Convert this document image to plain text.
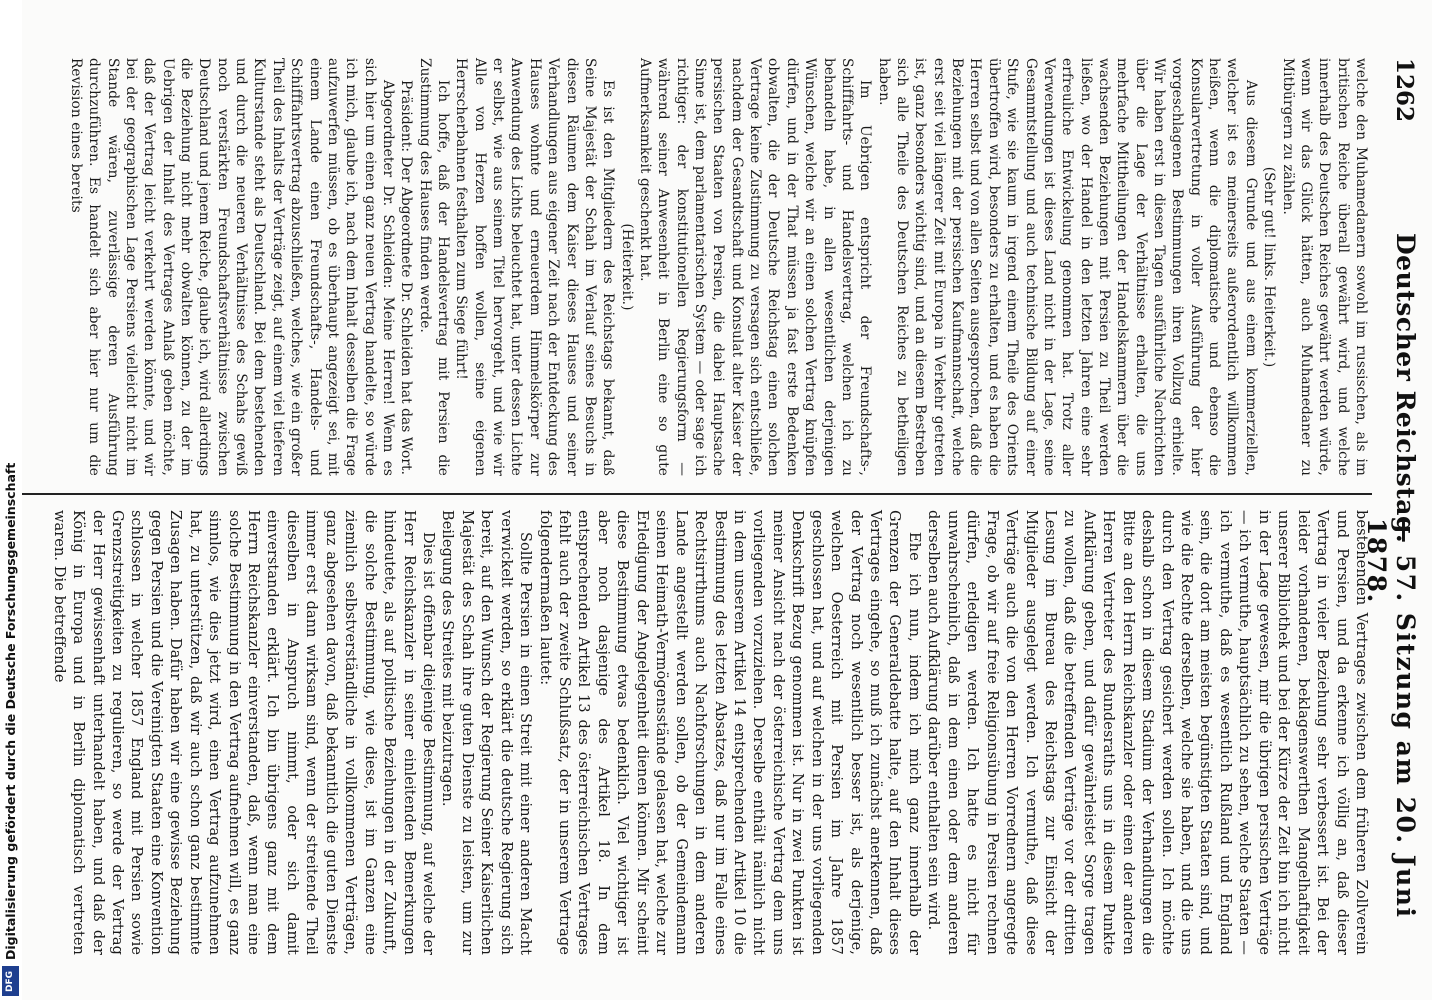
1262
Deutscher Reichstag.
— 57. Sitzung am 20. Juni 1878.

welche den Muhamedanern sowohl im russischen, als im britischen Reiche überall gewährt wird, und welche innerhalb des Deutschen Reiches gewährt werden würde, wenn wir das Glück hätten, auch Muhamedaner zu Mitbürgern zu zählen.

(Sehr gut! links. Heiterkeit.)

Aus diesem Grunde und aus einem kommerziellen, welcher ist es meinerseits außerordentlich willkommen heißen, wenn die diplomatische und ebenso die Konsularvertretung in voller Ausführung der hier vorgeschlagenen Bestimmungen ihren Vollzug erhielte. Wir haben erst in diesen Tagen ausführliche Nachrichten über die Lage der Verhältnisse erhalten, die uns mehrfache Mittheilungen der Handelskammern über die wachsenden Beziehungen mit Persien zu Theil werden ließen, wo der Handel in den letzten Jahren eine sehr erfreuliche Entwickelung genommen hat. Trotz aller Verwendungen ist dieses Land nicht in der Lage, seine Gesammtstellung und auch technische Bildung auf einer Stufe, wie sie kaum in irgend einem Theile des Orients übertroffen wird, besonders zu erhalten, und es haben die Herren selbst und von allen Seiten ausgesprochen, daß die Beziehungen mit der persischen Kaufmannschaft, welche erst seit viel längerer Zeit mit Europa in Verkehr getreten ist, ganz besonders wichtig sind, und an diesem Bestreben sich alle Theile des Deutschen Reiches zu betheiligen haben.

Im Uebrigen entspricht der Freundschafts-, Schifffahrts- und Handelsvertrag, welchen ich zu behandeln habe, in allen wesentlichen derjenigen Wünschen, welche wir an einen solchen Vertrag knüpfen dürfen, und in der That müssen ja fast erste Bedenken obwalten, die der Deutsche Reichstag einen solchen Vertrage keine Zustimmung zu versagen sich entschließe, nachdem der Gesandtschaft und Konsulat alter Kaiser der persischen Staaten von Persien, die dabei Hauptsache Sinne ist, dem parlamentarischen System — oder sage ich richtiger: der konstitutionellen Regierungsform — während seiner Anwesenheit in Berlin eine so gute Aufmerksamkeit geschenkt hat.

(Heiterkeit.)

Es ist den Mitgliedern des Reichstags bekannt, daß Seine Majestät der Schah im Verlauf seines Besuchs in diesen Räumen dem Kaiser dieses Hauses und seiner Verhandlungen aus eigener Zeit nach der Entdeckung des Hauses wohnte und erneuerdem Himmelskörper zur Anwendung des Lichts beleuchtet hat, unter dessen Lichte er selbst, wie aus seinem Titel hervorgeht, und wie wir Alle von Herzen hoffen wollen, seine eigenen Herrscherbahnen festhalten zum Siege führt!

Ich hoffe, daß der Handelsvertrag mit Persien die Zustimmung des Hauses finden werde.

Präsident: Der Abgeordnete Dr. Schleiden hat das Wort.

Abgeordneter Dr. Schleiden: Meine Herren! Wenn es sich hier um einen ganz neuen Vertrag handelte, so würde ich mich, glaube ich, nach dem Inhalt desselben die Frage aufzuwerfen müssen, ob es überhaupt angezeigt sei, mit einem Lande einen Freundschafts-, Handels- und Schifffahrtsvertrag abzuschließen, welches, wie ein großer Theil des Inhalts der Verträge zeigt, auf einem viel tieferen Kulturstande steht als Deutschland. Bei dem bestehenden und durch die neueren Verhältnisse des Schahs gewiß noch verstärkten Freundschaftsverhältnisse zwischen Deutschland und jenem Reiche, glaube ich, wird allerdings die Beziehung nicht mehr obwalten können, zu der im Uebrigen der Inhalt des Vertrages Anlaß geben möchte, daß der Vertrag leicht verkehrt werden könnte, und wir bei der geographischen Lage Persiens vielleicht nicht im Stande wären, zuverlässige deren Ausführung durchzuführen. Es handelt sich aber hier nur um die Revision eines bereits

bestehenden Vertrages zwischen dem früheren Zollverein und Persien, und da erkenne ich völlig an, daß dieser Vertrag in vieler Beziehung sehr verbessert ist. Bei der leider vorhandenen, beklagenswerthen Mangelhaftigkeit unserer Bibliothek und bei der Kürze der Zeit bin ich nicht in der Lage gewesen, mir die übrigen persischen Verträge — ich vermuthe, hauptsächlich zu sehen, welche Staaten — ich vermuthe, daß es wesentlich Rußland und England sein, die dort am meisten begünstigten Staaten sind, und wie die Rechte derselben, welche sie haben, und die uns durch den Vertrag gesichert werden sollen. Ich möchte deshalb schon in diesem Stadium der Verhandlungen die Bitte an den Herrn Reichskanzler oder einen der anderen Herren Vertreter des Bundesraths uns in diesem Punkte Aufklärung geben, und dafür gewährleistet Sorge tragen zu wollen, daß die betreffenden Verträge vor der dritten Lesung im Bureau des Reichstags zur Einsicht der Mitglieder ausgelegt werden. Ich vermuthe, daß diese Verträge auch die von den Herren Vorrednern angeregte Frage, ob wir auf freie Religionsübung in Persien rechnen dürfen, erledigen werden. Ich hatte es nicht für unwahrscheinlich, daß in dem einen oder dem anderen derselben auch Aufklärung darüber enthalten sein wird.

Ehe ich nun, indem ich mich ganz innerhalb der Grenzen der Generaldebatte halte, auf den Inhalt dieses Vertrages eingehe, so muß ich zunächst anerkennen, daß der Vertrag noch wesentlich besser ist, als derjenige, welchen Oesterreich mit Persien im Jahre 1857 geschlossen hat, und auf welchen in der uns vorliegenden Denkschrift Bezug genommen ist. Nur in zwei Punkten ist meiner Ansicht nach der österreichische Vertrag dem uns vorliegenden vorzuziehen. Derselbe enthält nämlich nicht in dem unserem Artikel 14 entsprechenden Artikel 10 die Bestimmung des letzten Absatzes, daß nur im Falle eines Rechtsirrthums auch Nachforschungen in dem anderen Lande angestellt werden sollen, ob der Gemeindemann seinen Heimath-Vermögensstände gelassen hat, welche zur Erledigung der Angelegenheit dienen können. Mir scheint diese Bestimmung etwas bedenklich. Viel wichtiger ist aber noch dasjenige des Artikel 18. In dem entsprechenden Artikel 13 des österreichischen Vertrages fehlt auch der zweite Schlußsatz, der in unserem Vertrage folgendermaßen lautet:

Sollte Persien in einen Streit mit einer anderen Macht verwickelt werden, so erklärt die deutsche Regierung sich bereit, auf den Wunsch der Regierung Seiner Kaiserlichen Majestät des Schah ihre guten Dienste zu leisten, um zur Beilegung des Streites mit beizutragen.

Dies ist offenbar diejenige Bestimmung, auf welche der Herr Reichskanzler in seiner einleitenden Bemerkungen hindeutete, als auf politische Beziehungen in der Zukunft, die solche Bestimmung, wie diese, ist im Ganzen eine ziemlich selbstverständliche in vollkommenen Verträgen, ganz abgesehen davon, daß bekanntlich die guten Dienste immer erst dann wirksam sind, wenn der streitende Theil dieselben in Anspruch nimmt, oder sich damit einverstanden erklärt. Ich bin übrigens ganz mit dem Herrn Reichskanzler einverstanden, daß, wenn man eine solche Bestimmung in den Vertrag aufnehmen will, es ganz sinnlos, wie dies jetzt wird, einen Vertrag aufzunehmen hat, zu unterstützen, daß wir auch schon ganz bestimmte Zusagen haben. Dafür haben wir eine gewisse Beziehung gegen Persien und die Vereinigten Staaten eine Konvention schlossen in welcher 1857 England mit Persien sowie Grenzstreitigkeiten zu regulieren, so werde der Vertrag der Herr gewissenhaft unterhandelt haben, und daß der König in Europa und in Berlin diplomatisch vertreten waren. Die betreffende

DFG
Digitalisierung gefördert durch die Deutsche Forschungsgemeinschaft
